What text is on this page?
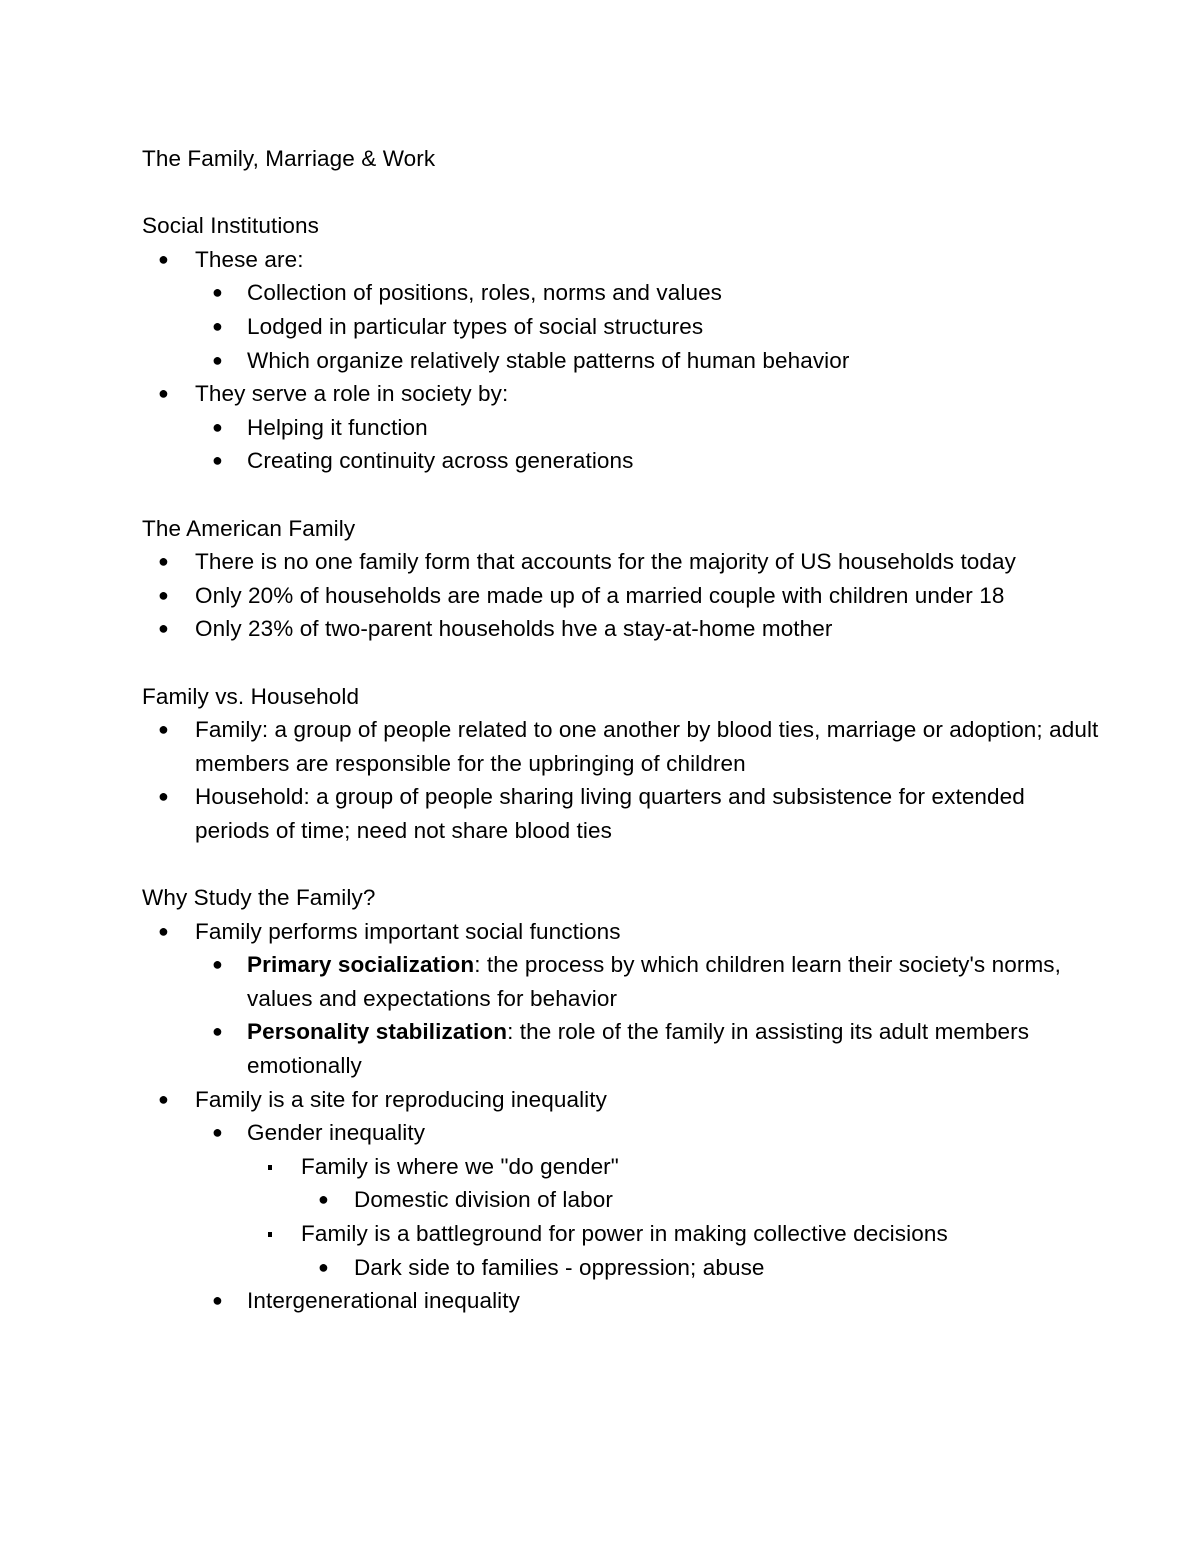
The Family, Marriage & Work

Social Institutions

● These are:
● Collection of positions, roles, norms and values
● Lodged in particular types of social structures
● Which organize relatively stable patterns of human behavior
● They serve a role in society by:
● Helping it function
● Creating continuity across generations

The American Family

● There is no one family form that accounts for the majority of US households today
● Only 20% of households are made up of a married couple with children under 18
● Only 23% of two-parent households hve a stay-at-home mother

Family vs. Household

● Family: a group of people related to one another by blood ties, marriage or adoption; adult members are responsible for the upbringing of children
● Household: a group of people sharing living quarters and subsistence for extended periods of time; need not share blood ties

Why Study the Family?

● Family performs important social functions
● Primary socialization: the process by which children learn their society's norms, values and expectations for behavior
● Personality stabilization: the role of the family in assisting its adult members emotionally
● Family is a site for reproducing inequality
● Gender inequality
Family is where we "do gender"
● Domestic division of labor
Family is a battleground for power in making collective decisions
● Dark side to families - oppression; abuse
● Intergenerational inequality
